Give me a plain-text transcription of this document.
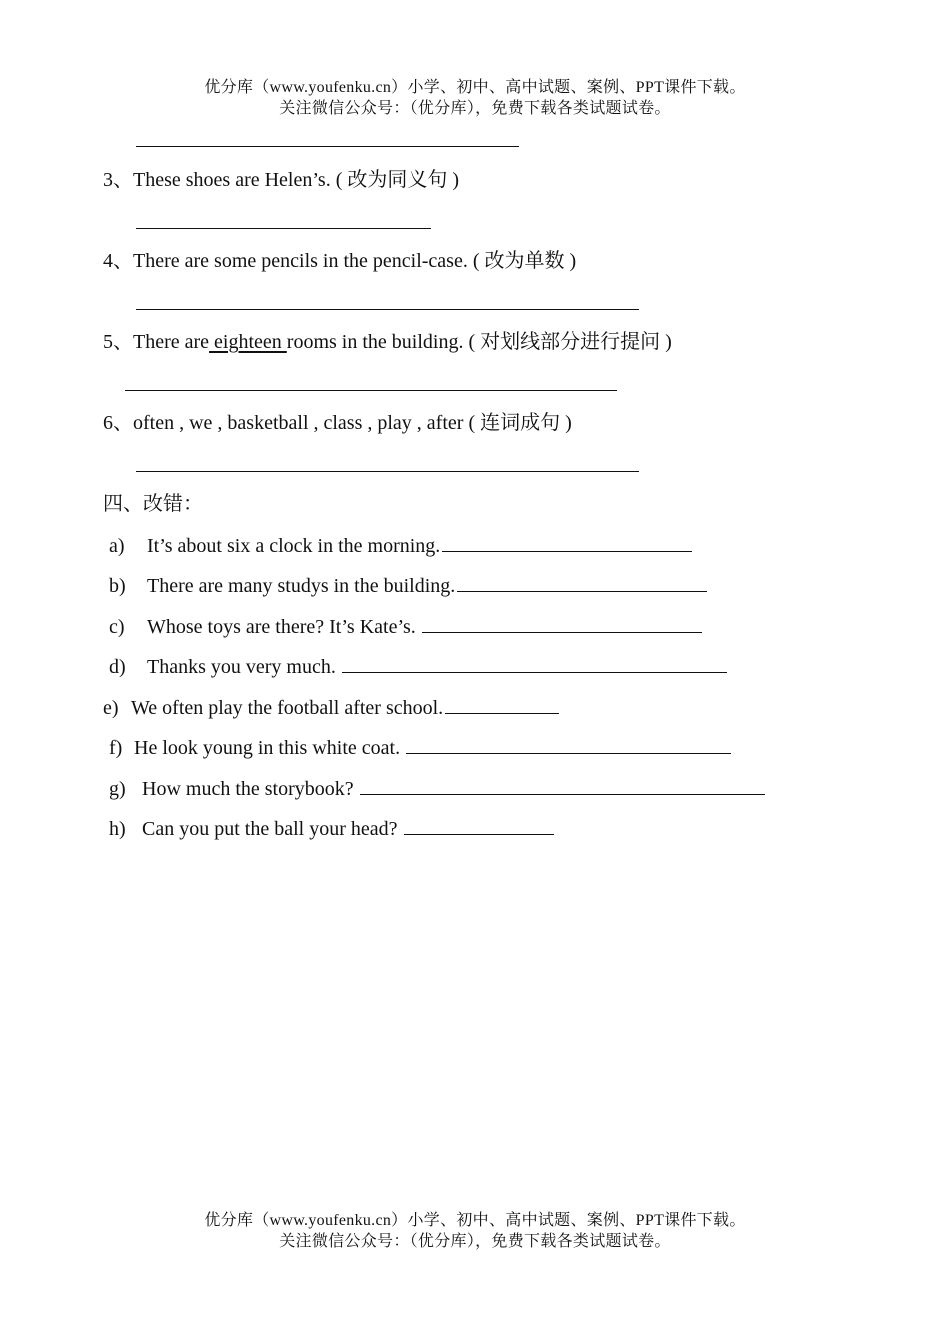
优分库（www.youfenku.cn）小学、初中、高中试题、案例、PPT课件下载。
关注微信公众号：（优分库），免费下载各类试题试卷。
3、These shoes are Helen’s. ( 改为同义句 )
4、There are some pencils in the pencil-case. ( 改为单数 )
5、There are eighteen rooms in the building. ( 对划线部分进行提问 )
6、often , we , basketball , class , play , after ( 连词成句 )
四、改错：
a) It’s about six a clock in the morning.
b) There are many studys in the building.
c) Whose toys are there? It’s Kate’s.
d) Thanks you very much.
e) We often play the football after school.
f) He look young in this white coat.
g) How much the storybook?
h) Can you put the ball your head?
优分库（www.youfenku.cn）小学、初中、高中试题、案例、PPT课件下载。
关注微信公众号：（优分库），免费下载各类试题试卷。
